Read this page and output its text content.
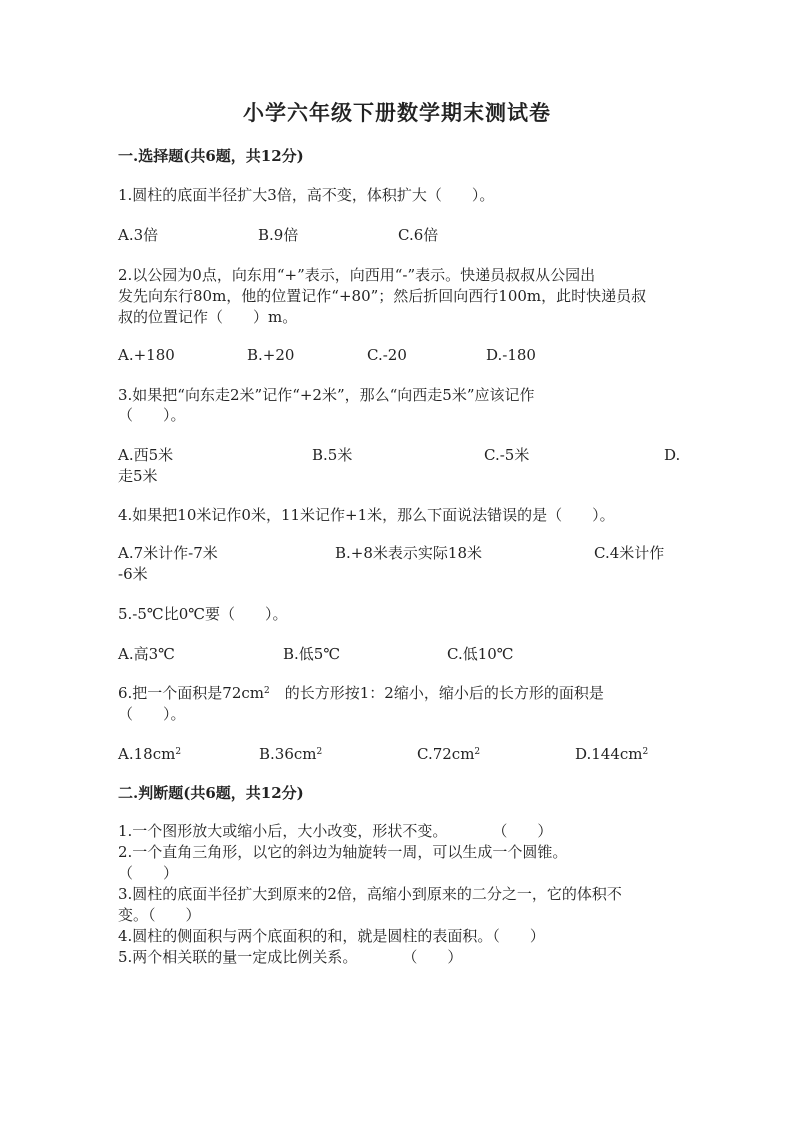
小学六年级下册数学期末测试卷
一.选择题(共6题，共12分)
1.圆柱的底面半径扩大3倍，高不变，体积扩大（　　）。
A.3倍	B.9倍	C.6倍
2.以公园为0点，向东用“+”表示，向西用“-”表示。快递员叔叔从公园出
发先向东行80m，他的位置记作“+80”；然后折回向西行100m，此时快递员叔
叔的位置记作（　　）m。
A.+180	B.+20	C.-20	D.-180
3.如果把“向东走2米”记作“+2米”，那么“向西走5米”应该记作
（　　）。
A.西5米	B.5米	C.-5米	D.
走5米
4.如果把10米记作0米，11米记作+1米，那么下面说法错误的是（　　）。
A.7米计作-7米	B.+8米表示实际18米	C.4米计作
-6米
5.-5℃比0℃要（　　）。
A.高3℃	B.低5℃	C.低10℃
6.把一个面积是$72cm^2$　的长方形按1：2缩小，缩小后的长方形的面积是
（　　）。
$A.18cm^2$	$B.36cm^2$	$C.72cm^2$	$D.144cm^2$
二.判断题(共6题，共12分)
1.一个图形放大或缩小后，大小改变，形状不变。　　　　（　　）
2.一个直角三角形，以它的斜边为轴旋转一周，可以生成一个圆锥。
（　　）
3.圆柱的底面半径扩大到原来的2倍，高缩小到原来的二分之一，它的体积不
变。（　　）
4.圆柱的侧面积与两个底面积的和，就是圆柱的表面积。（　　）
5.两个相关联的量一定成比例关系。　　　　（　　）
